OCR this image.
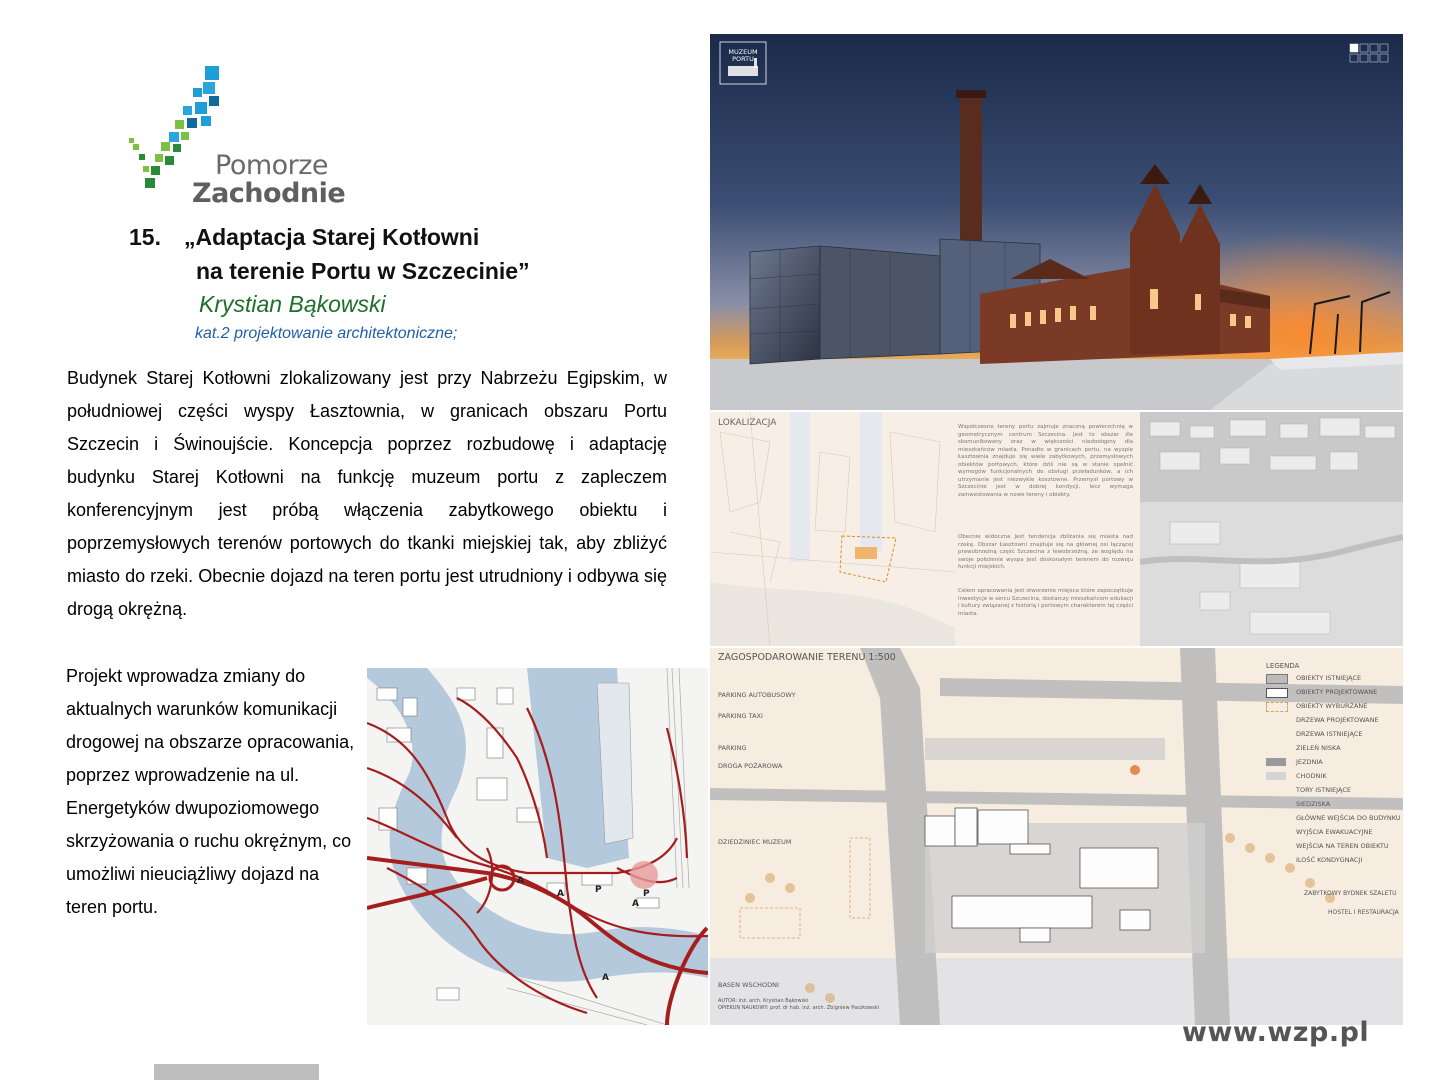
Pomorze
Zachodnie
15. „Adaptacja Starej Kotłowni
na terenie Portu w Szczecinie”
Krystian Bąkowski
kat.2 projektowanie architektoniczne;
Budynek Starej Kotłowni zlokalizowany jest przy Nabrzeżu Egipskim, w południowej części wyspy Łasztownia, w granicach obszaru Portu Szczecin i Świnoujście. Koncepcja poprzez rozbudowę i adaptację budynku Starej Kotłowni na funkcję muzeum portu z zapleczem konferencyjnym jest próbą włączenia zabytkowego obiektu i poprzemysłowych terenów portowych do tkanki miejskiej tak, aby zbliżyć miasto do rzeki. Obecnie dojazd na teren portu jest utrudniony i odbywa się drogą okrężną.
Projekt wprowadza zmiany do aktualnych warunków komunikacji drogowej na obszarze opracowania, poprzez wprowadzenie na ul. Energetyków dwupoziomowego skrzyżowania o ruchu okrężnym, co umożliwi nieuciążliwy dojazd na teren portu.
A	P
A
P
A
A
MUZEUM
PORTU
LOKALIZACJA	Współczesne tereny portu zajmuje znaczną powierzchnię w geometrycznym centrum Szczecina. Jest to obszar źle skomunikowany oraz w większości niedostępny dla mieszkańców miasta. Ponadto w granicach portu, na wyspie Łasztownia znajduje się wiele zabytkowych, przemysłowych obiektów portowych, które dziś nie są w stanie spełnić wymogów funkcjonalnych do obsługi przeładunków, a ich utrzymanie jest niezwykle kosztowne. Przemysł portowy w Szczecinie jest w dobrej kondycji, lecz wymaga zainwestowania w nowe tereny i obiekty.
Obecnie widoczna jest tendencja zbliżania się miasta nad rzekę. Obszar Łasztowni znajduje się na głównej osi łączącej prawobrzeżną część Szczecina z lewobrzeżną, ze względu na swoje położenie wyspa jest doskonałym terenem do rozwoju funkcji miejskich.
Celem opracowania jest stworzenie miejsca które zapoczątkuje inwestycje w sercu Szczecina, dostarczy mieszkańcom edukacji i kultury związanej z historią i portowym charakterem tej części miasta.
ZAGOSPODAROWANIE TERENU 1:500
PARKING AUTOBUSOWY
PARKING TAXI
PARKING
DROGA POŻAROWA
DZIEDZINIEC MUZEUM
BASEN WSCHODNI
AUTOR: inż. arch. Krystian Bąkowski
OPIEKUN NAUKOWY: prof. dr hab. inż. arch. Zbigniew Paszkowski
LEGENDA
OBIEKTY ISTNIEJĄCE
OBIEKTY PROJEKTOWANE
OBIEKTY WYBURZANE
DRZEWA PROJEKTOWANE
DRZEWA ISTNIEJĄCE
ZIELEŃ NISKA
JEZDNIA
CHODNIK
TORY ISTNIEJĄCE
SIEDZISKA
GŁÓWNE WEJŚCIA DO BUDYNKU
WYJŚCIA EWAKUACYJNE
WEJŚCIA NA TEREN OBIEKTU
ILOŚĆ KONDYGNACJI
ZABYTKOWY BYDNEK SZALETU
HOSTEL I RESTAURACJA
www.wzp.pl
